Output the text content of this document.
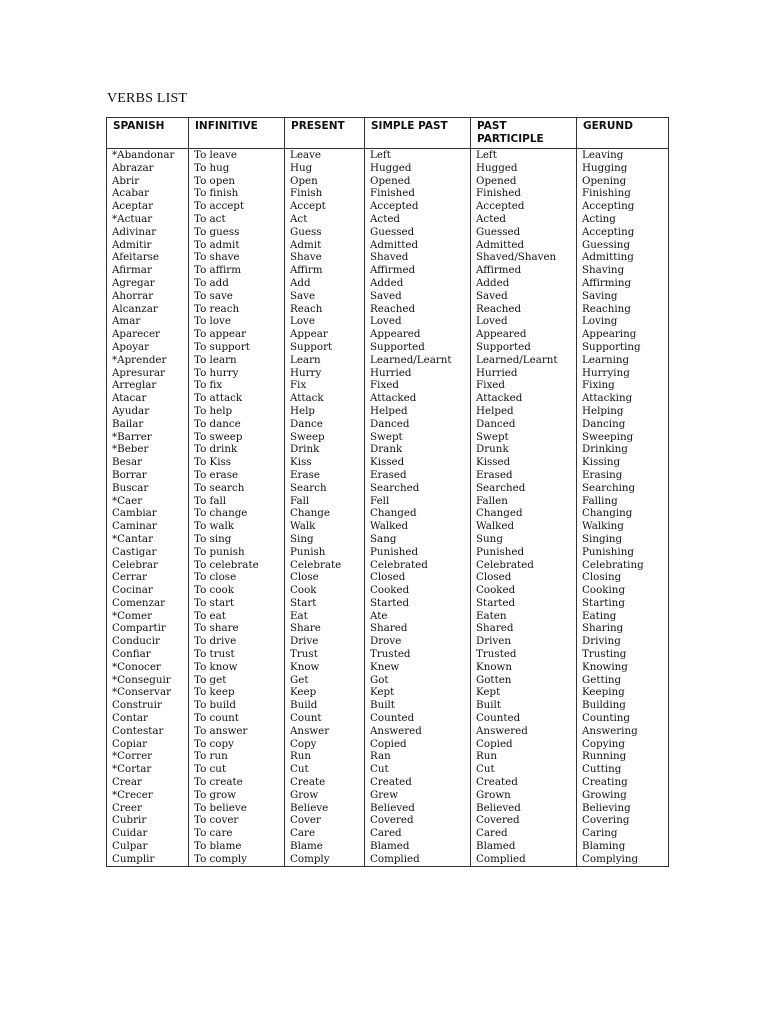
VERBS LIST
SPANISH	INFINITIVE	PRESENT	SIMPLE PAST	PAST PARTICIPLE	GERUND
*Abandonar	To leave	Leave	Left	Left	Leaving
Abrazar	To hug	Hug	Hugged	Hugged	Hugging
Abrir	To open	Open	Opened	Opened	Opening
Acabar	To finish	Finish	Finished	Finished	Finishing
Aceptar	To accept	Accept	Accepted	Accepted	Accepting
*Actuar	To act	Act	Acted	Acted	Acting
Adivinar	To guess	Guess	Guessed	Guessed	Accepting
Admitir	To admit	Admit	Admitted	Admitted	Guessing
Afeitarse	To shave	Shave	Shaved	Shaved/Shaven	Admitting
Afirmar	To affirm	Affirm	Affirmed	Affirmed	Shaving
Agregar	To add	Add	Added	Added	Affirming
Ahorrar	To save	Save	Saved	Saved	Saving
Alcanzar	To reach	Reach	Reached	Reached	Reaching
Amar	To love	Love	Loved	Loved	Loving
Aparecer	To appear	Appear	Appeared	Appeared	Appearing
Apoyar	To support	Support	Supported	Supported	Supporting
*Aprender	To learn	Learn	Learned/Learnt	Learned/Learnt	Learning
Apresurar	To hurry	Hurry	Hurried	Hurried	Hurrying
Arreglar	To fix	Fix	Fixed	Fixed	Fixing
Atacar	To attack	Attack	Attacked	Attacked	Attacking
Ayudar	To help	Help	Helped	Helped	Helping
Bailar	To dance	Dance	Danced	Danced	Dancing
*Barrer	To sweep	Sweep	Swept	Swept	Sweeping
*Beber	To drink	Drink	Drank	Drunk	Drinking
Besar	To Kiss	Kiss	Kissed	Kissed	Kissing
Borrar	To erase	Erase	Erased	Erased	Erasing
Buscar	To search	Search	Searched	Searched	Searching
*Caer	To fall	Fall	Fell	Fallen	Falling
Cambiar	To change	Change	Changed	Changed	Changing
Caminar	To walk	Walk	Walked	Walked	Walking
*Cantar	To sing	Sing	Sang	Sung	Singing
Castigar	To punish	Punish	Punished	Punished	Punishing
Celebrar	To celebrate	Celebrate	Celebrated	Celebrated	Celebrating
Cerrar	To close	Close	Closed	Closed	Closing
Cocinar	To cook	Cook	Cooked	Cooked	Cooking
Comenzar	To start	Start	Started	Started	Starting
*Comer	To eat	Eat	Ate	Eaten	Eating
Compartir	To share	Share	Shared	Shared	Sharing
Conducir	To drive	Drive	Drove	Driven	Driving
Confiar	To trust	Trust	Trusted	Trusted	Trusting
*Conocer	To know	Know	Knew	Known	Knowing
*Conseguir	To get	Get	Got	Gotten	Getting
*Conservar	To keep	Keep	Kept	Kept	Keeping
Construir	To build	Build	Built	Built	Building
Contar	To count	Count	Counted	Counted	Counting
Contestar	To answer	Answer	Answered	Answered	Answering
Copiar	To copy	Copy	Copied	Copied	Copying
*Correr	To run	Run	Ran	Run	Running
*Cortar	To cut	Cut	Cut	Cut	Cutting
Crear	To create	Create	Created	Created	Creating
*Crecer	To grow	Grow	Grew	Grown	Growing
Creer	To believe	Believe	Believed	Believed	Believing
Cubrir	To cover	Cover	Covered	Covered	Covering
Cuidar	To care	Care	Cared	Cared	Caring
Culpar	To blame	Blame	Blamed	Blamed	Blaming
Cumplir	To comply	Comply	Complied	Complied	Complying
